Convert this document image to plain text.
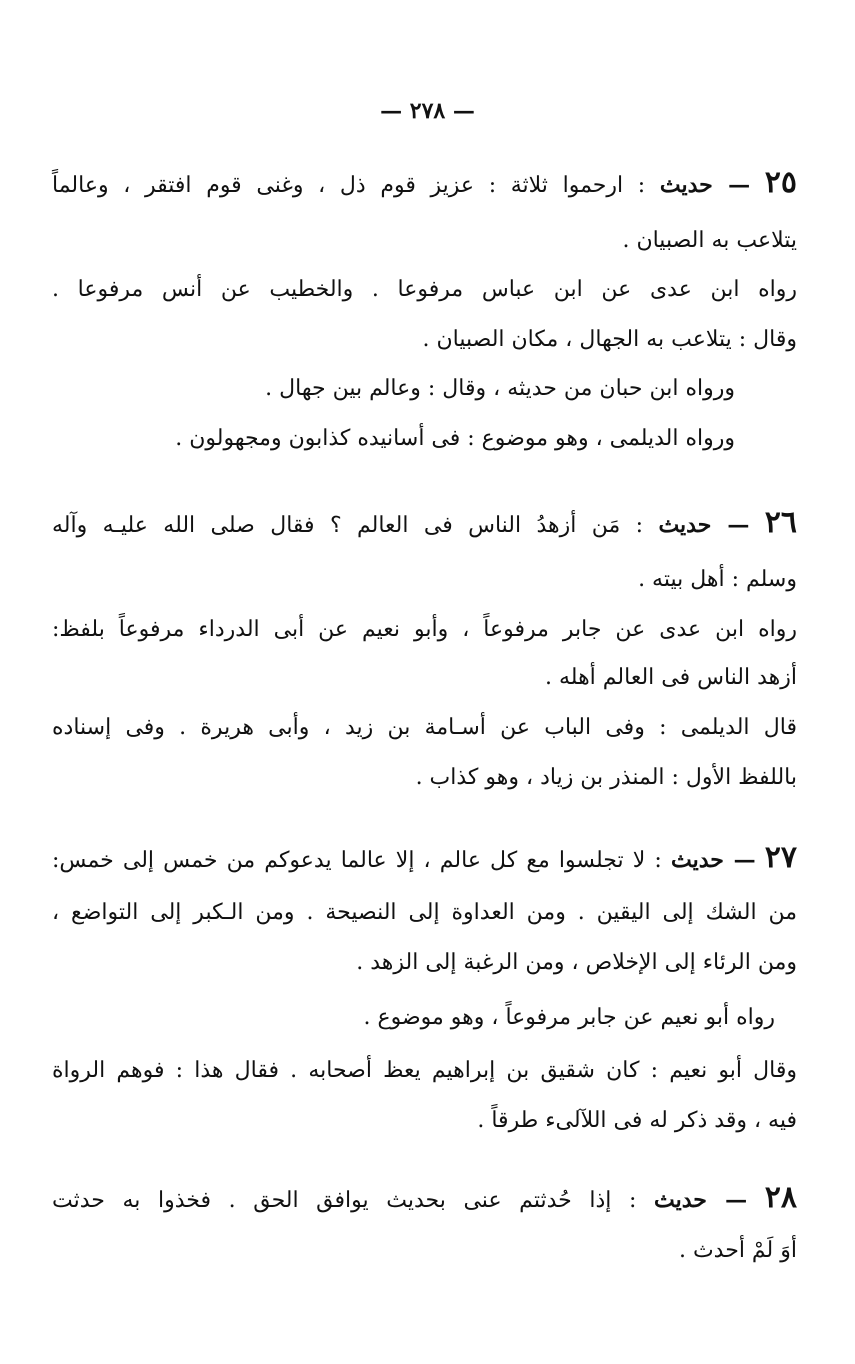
— ٢٧٨ —
٢٥ — حديث : ارحموا ثلاثة : عزيز قوم ذل ، وغنى قوم افتقر ، وعالماً
يتلاعب به الصبيان .
رواه ابن عدى عن ابن عباس مرفوعا . والخطيب عن أنس مرفوعا .
وقال : يتلاعب به الجهال ، مكان الصبيان .
ورواه ابن حبان من حديثه ، وقال : وعالم بين جهال .
ورواه الديلمى ، وهو موضوع : فى أسانيده كذابون ومجهولون .
٢٦ — حديث : مَن أزهدُ الناس فى العالم ؟ فقال صلى الله عليـه وآله
وسلم : أهل بيته .
رواه ابن عدى عن جابر مرفوعاً ، وأبو نعيم عن أبى الدرداء مرفوعاً بلفظ:
أزهد الناس فى العالم أهله .
قال الديلمى : وفى الباب عن أسـامة بن زيد ، وأبى هريرة . وفى إسناده
باللفظ الأول : المنذر بن زياد ، وهو كذاب .
٢٧ — حديث : لا تجلسوا مع كل عالم ، إلا عالما يدعوكم من خمس إلى خمس:
من الشك إلى اليقين . ومن العداوة إلى النصيحة . ومن الـكبر إلى التواضع ،
ومن الرئاء إلى الإخلاص ، ومن الرغبة إلى الزهد .
رواه أبو نعيم عن جابر مرفوعاً ، وهو موضوع .
وقال أبو نعيم : كان شقيق بن إبراهيم يعظ أصحابه . فقال هذا : فوهم الرواة
فيه ، وقد ذكر له فى اللآلىء طرقاً .
٢٨ — حديث : إذا حُدثتم عنى بحديث يوافق الحق . فخذوا به حدثت
أوَ لَمْ أحدث .
